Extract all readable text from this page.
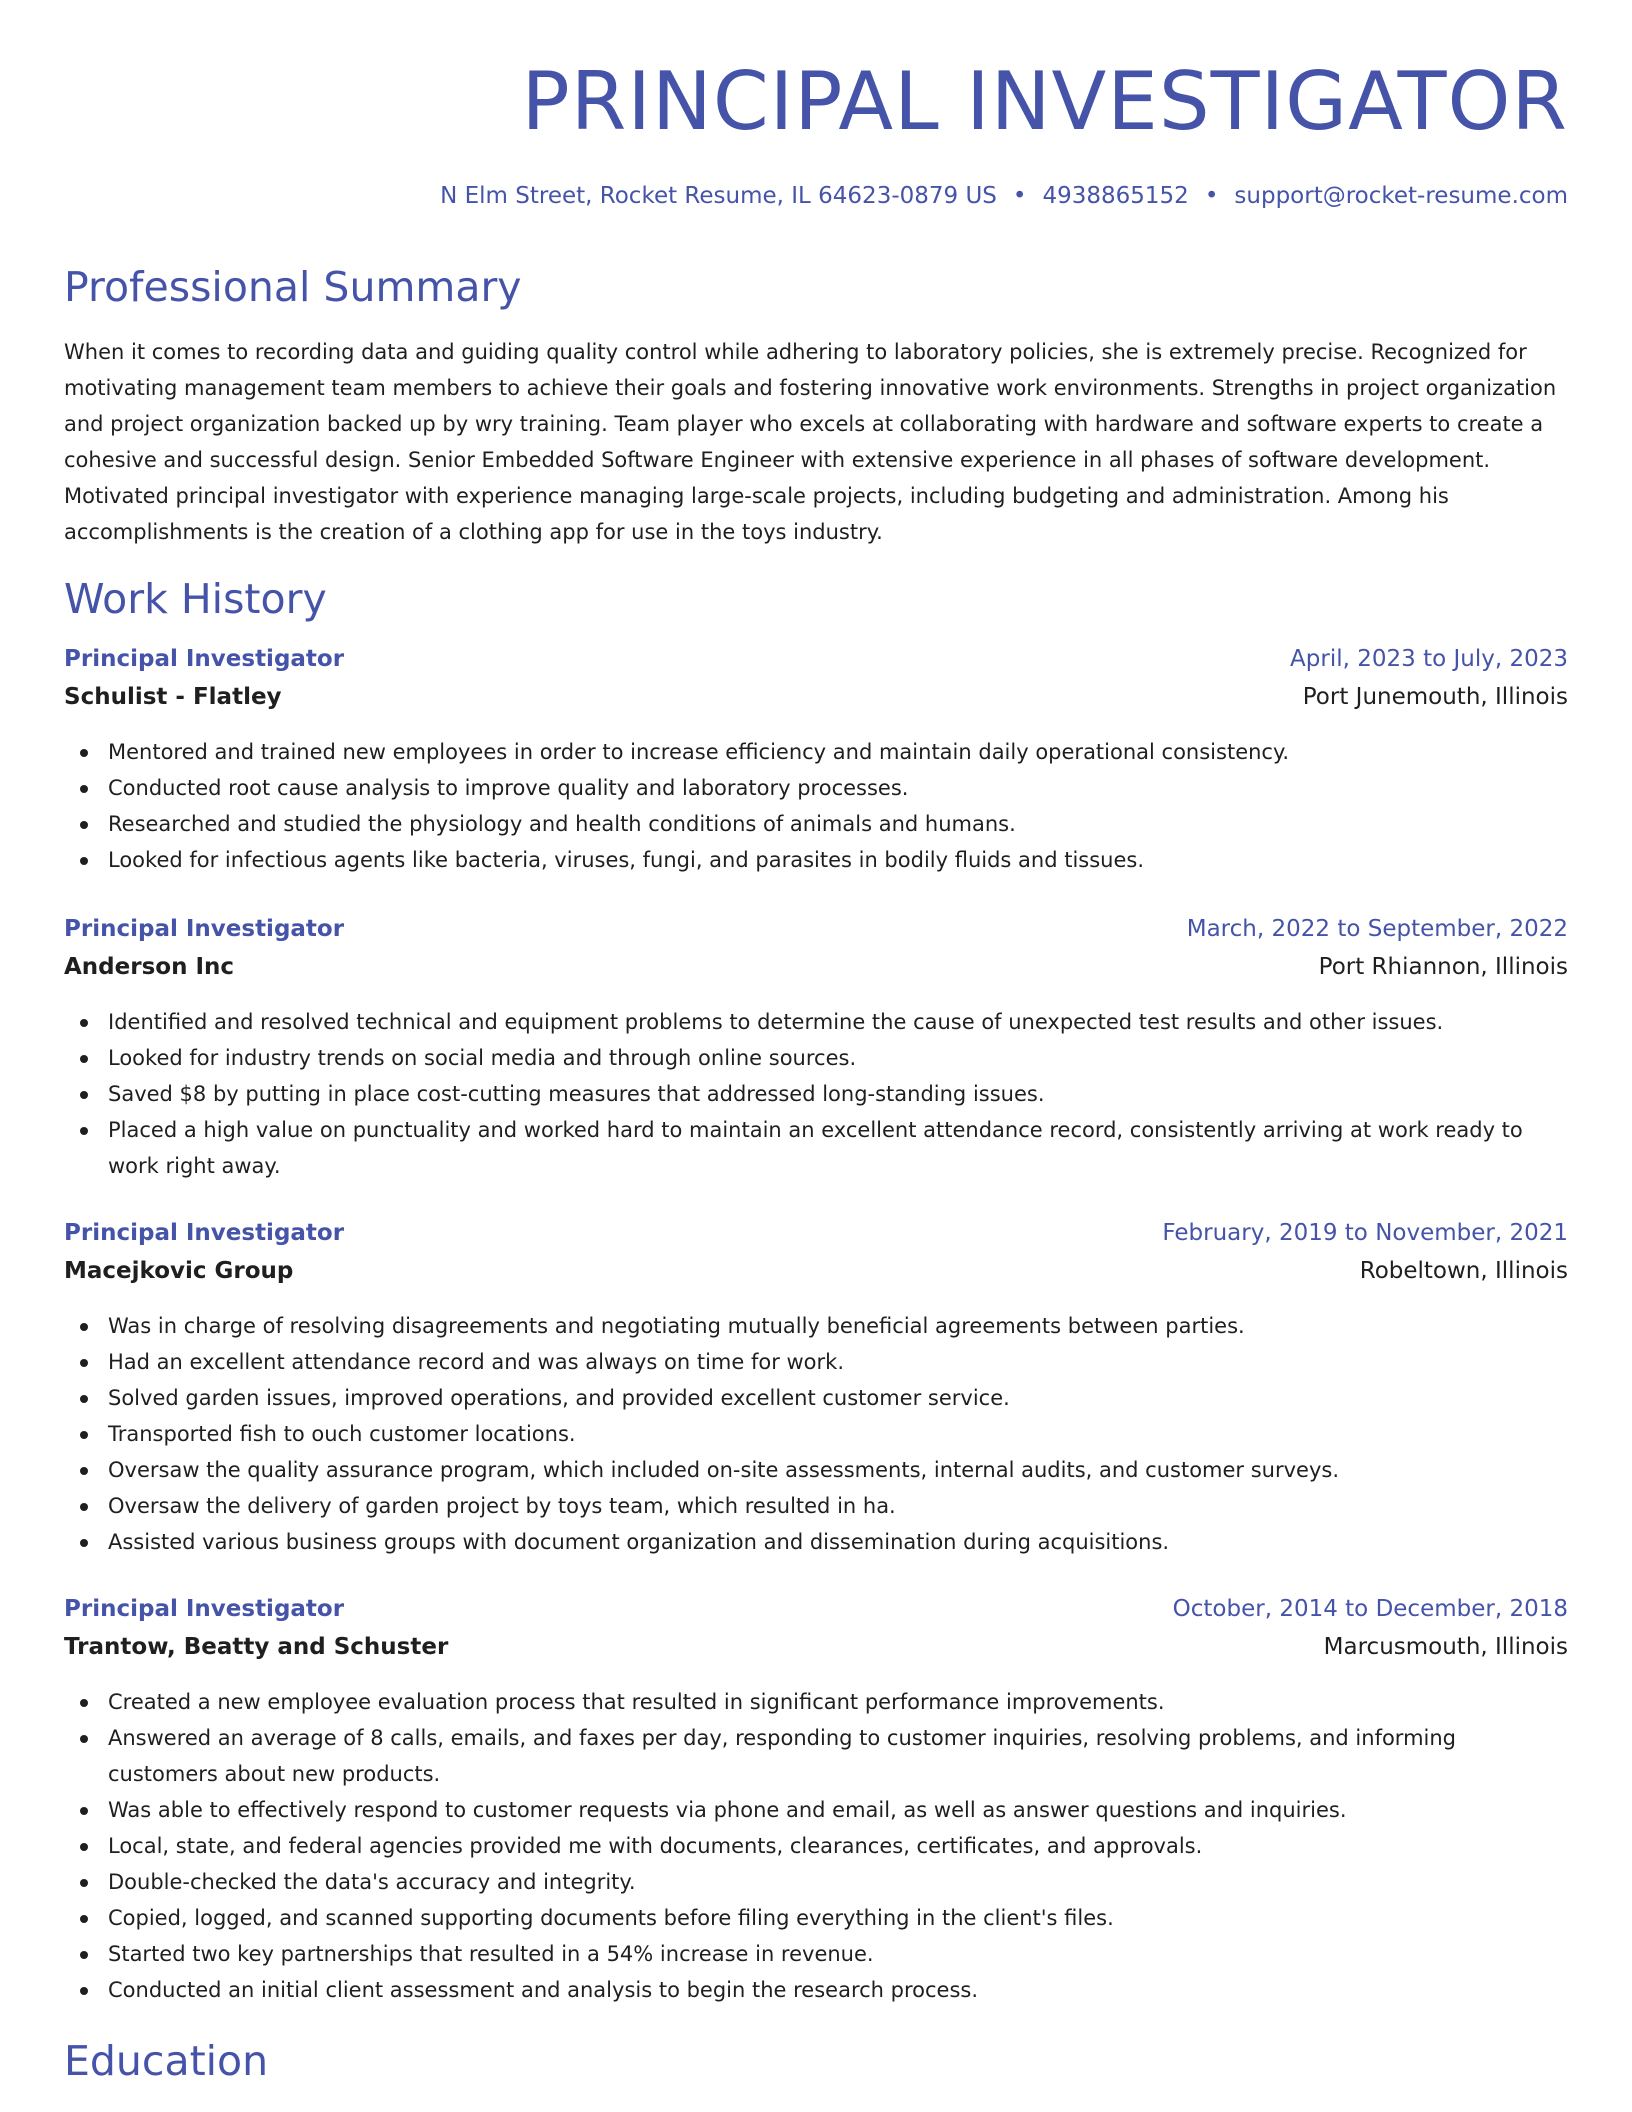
PRINCIPAL INVESTIGATOR
N Elm Street, Rocket Resume, IL 64623-0879 US • 4938865152 • support@rocket-resume.com
Professional Summary

When it comes to recording data and guiding quality control while adhering to laboratory policies, she is extremely precise. Recognized for motivating management team members to achieve their goals and fostering innovative work environments. Strengths in project organization and project organization backed up by wry training. Team player who excels at collaborating with hardware and software experts to create a cohesive and successful design. Senior Embedded Software Engineer with extensive experience in all phases of software development. Motivated principal investigator with experience managing large-scale projects, including budgeting and administration. Among his accomplishments is the creation of a clothing app for use in the toys industry.

Work History
Principal Investigator	April, 2023 to July, 2023
Schulist - Flatley	Port Junemouth, Illinois
Mentored and trained new employees in order to increase efficiency and maintain daily operational consistency.
Conducted root cause analysis to improve quality and laboratory processes.
Researched and studied the physiology and health conditions of animals and humans.
Looked for infectious agents like bacteria, viruses, fungi, and parasites in bodily fluids and tissues.
Principal Investigator	March, 2022 to September, 2022
Anderson Inc	Port Rhiannon, Illinois
Identified and resolved technical and equipment problems to determine the cause of unexpected test results and other issues.
Looked for industry trends on social media and through online sources.
Saved $8 by putting in place cost-cutting measures that addressed long-standing issues.
Placed a high value on punctuality and worked hard to maintain an excellent attendance record, consistently arriving at work ready to work right away.
Principal Investigator	February, 2019 to November, 2021
Macejkovic Group	Robeltown, Illinois
Was in charge of resolving disagreements and negotiating mutually beneficial agreements between parties.
Had an excellent attendance record and was always on time for work.
Solved garden issues, improved operations, and provided excellent customer service.
Transported fish to ouch customer locations.
Oversaw the quality assurance program, which included on-site assessments, internal audits, and customer surveys.
Oversaw the delivery of garden project by toys team, which resulted in ha.
Assisted various business groups with document organization and dissemination during acquisitions.
Principal Investigator	October, 2014 to December, 2018
Trantow, Beatty and Schuster	Marcusmouth, Illinois
Created a new employee evaluation process that resulted in significant performance improvements.
Answered an average of 8 calls, emails, and faxes per day, responding to customer inquiries, resolving problems, and informing customers about new products.
Was able to effectively respond to customer requests via phone and email, as well as answer questions and inquiries.
Local, state, and federal agencies provided me with documents, clearances, certificates, and approvals.
Double-checked the data's accuracy and integrity.
Copied, logged, and scanned supporting documents before filing everything in the client's files.
Started two key partnerships that resulted in a 54% increase in revenue.
Conducted an initial client assessment and analysis to begin the research process.
Education
